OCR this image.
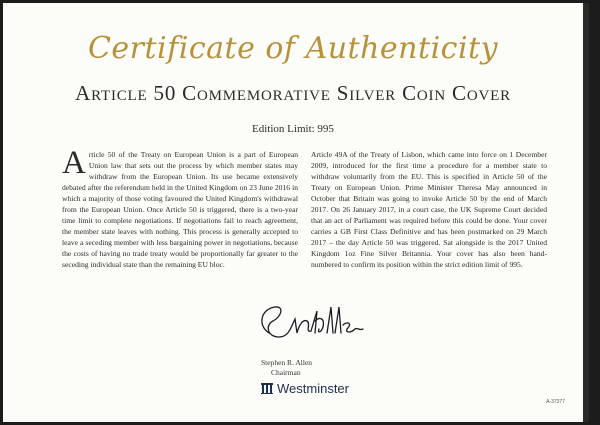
Certificate of Authenticity
Article 50 Commemorative Silver Coin Cover
Edition Limit: 995
Article 50 of the Treaty on European Union is a part of European Union law that sets out the process by which member states may withdraw from the European Union. Its use became extensively debated after the referendum held in the United Kingdom on 23 June 2016 in which a majority of those voting favoured the United Kingdom's withdrawal from the European Union. Once Article 50 is triggered, there is a two-year time limit to complete negotiations. If negotiations fail to reach agreement, the member state leaves with nothing. This process is generally accepted to leave a seceding member with less bargaining power in negotiations, because the costs of having no trade treaty would be proportionally far greater to the seceding individual state than the remaining EU bloc.
Article 49A of the Treaty of Lisbon, which came into force on 1 December 2009, introduced for the first time a procedure for a member state to withdraw voluntarily from the EU. This is specified in Article 50 of the Treaty on European Union. Prime Minister Theresa May announced in October that Britain was going to invoke Article 50 by the end of March 2017. On 26 January 2017, in a court case, the UK Supreme Court decided that an act of Parliament was required before this could be done. Your cover carries a GB First Class Definitive and has been postmarked on 29 March 2017 – the day Article 50 was triggered. Sat alongside is the 2017 United Kingdom 1oz Fine Silver Britannia. Your cover has also been hand-numbered to confirm its position within the strict edition limit of 995.
Stephen R. Allen
Chairman
Westminster
A-37377
